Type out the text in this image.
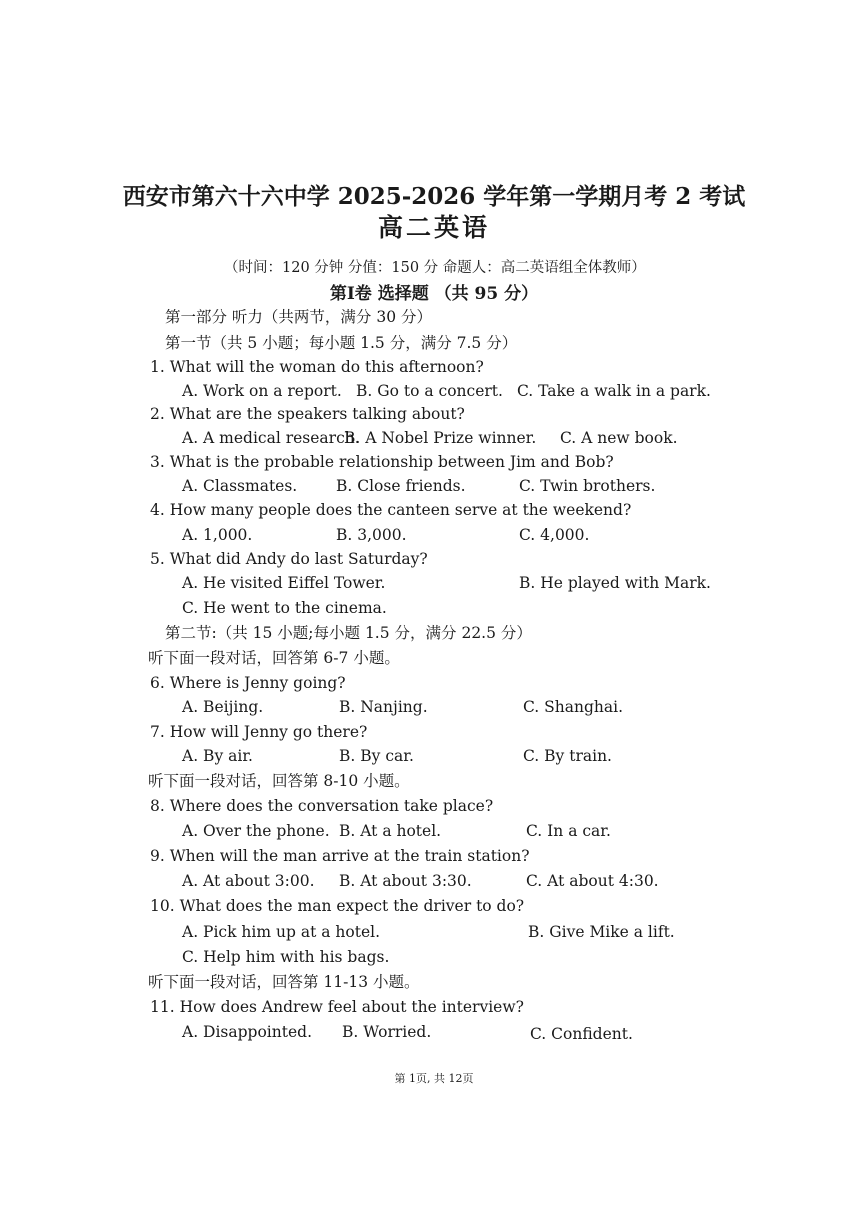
西安市第六十六中学 2025-2026 学年第一学期月考 2 考试
高二英语
（时间：120 分钟 分值：150 分 命题人：高二英语组全体教师）
第Ⅰ卷 选择题 （共 95 分）
第一部分 听力（共两节，满分 30 分）
第一节（共 5 小题；每小题 1.5 分，满分 7.5 分）
1. What will the woman do this afternoon?
A. Work on a report. B. Go to a concert. C. Take a walk in a park.
2. What are the speakers talking about?
A. A medical research.
B. A Nobel Prize winner. C. A new book.
3. What is the probable relationship between Jim and Bob?
A. Classmates.	B. Close friends.	C. Twin brothers.
4. How many people does the canteen serve at the weekend?
A. 1,000.	B. 3,000.	C. 4,000.
5. What did Andy do last Saturday?
A. He visited Eiffel Tower.	B. He played with Mark.
C. He went to the cinema.
第二节:（共 15 小题;每小题 1.5 分，满分 22.5 分）
听下面一段对话，回答第 6-7 小题。
6. Where is Jenny going?
A. Beijing.	B. Nanjing.	C. Shanghai.
7. How will Jenny go there?
A. By air.	B. By car.	C. By train.
听下面一段对话，回答第 8-10 小题。
8. Where does the conversation take place?
A. Over the phone. B. At a hotel.	C. In a car.
9. When will the man arrive at the train station?
A. At about 3:00. B. At about 3:30.	C. At about 4:30.
10. What does the man expect the driver to do?
A. Pick him up at a hotel.	B. Give Mike a lift.
C. Help him with his bags.
听下面一段对话，回答第 11-13 小题。
11. How does Andrew feel about the interview?
A. Disappointed. B. Worried.	C. Confident.
第 1页, 共 12页
